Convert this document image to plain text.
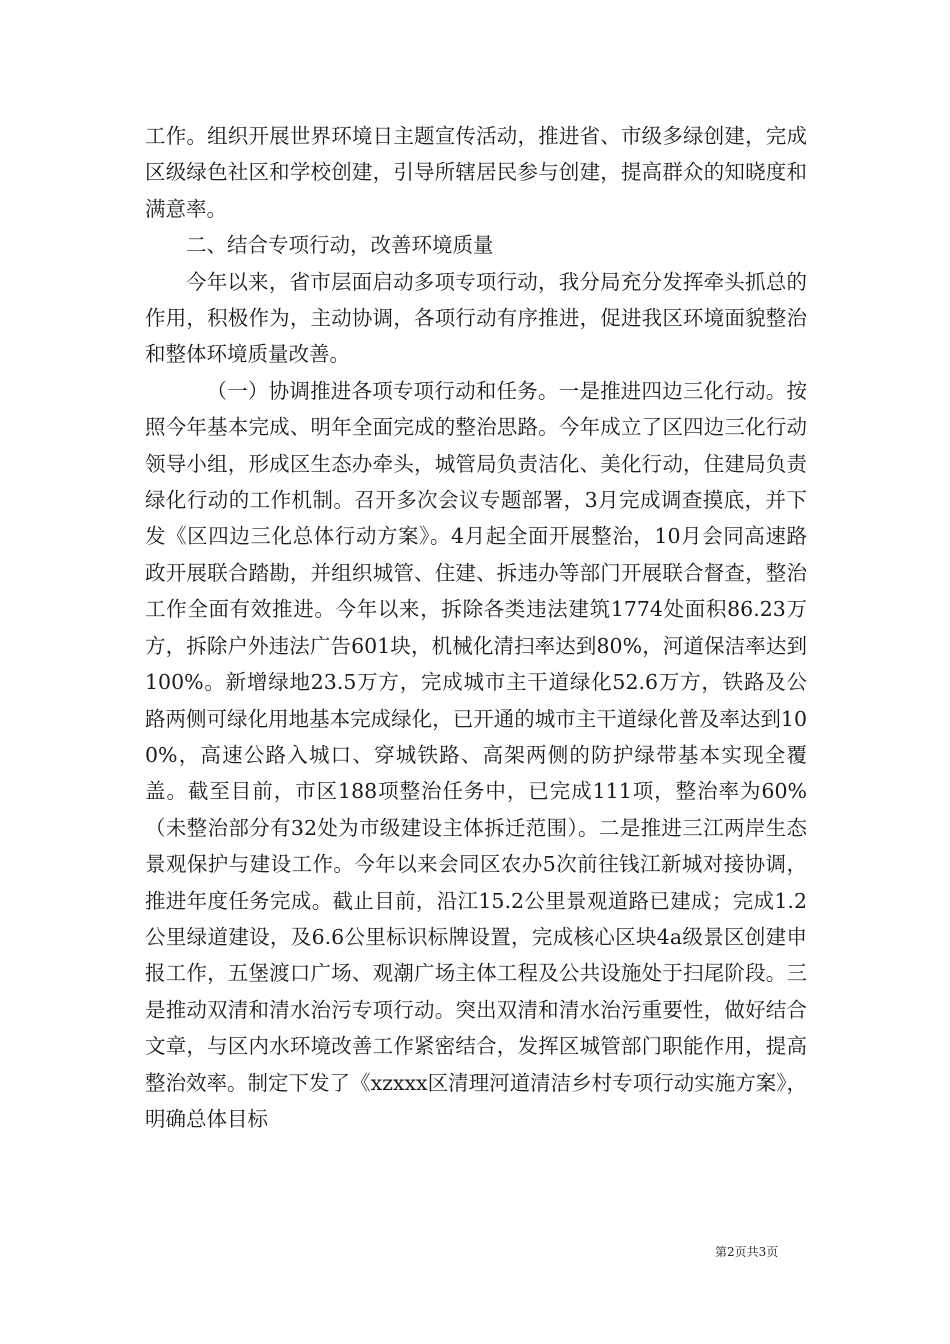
工作。组织开展世界环境日主题宣传活动，推进省、市级多绿创建，完成区级绿色社区和学校创建，引导所辖居民参与创建，提高群众的知晓度和满意率。

二、结合专项行动，改善环境质量

今年以来，省市层面启动多项专项行动，我分局充分发挥牵头抓总的作用，积极作为，主动协调，各项行动有序推进，促进我区环境面貌整治和整体环境质量改善。

（一）协调推进各项专项行动和任务。一是推进四边三化行动。按照今年基本完成、明年全面完成的整治思路。今年成立了区四边三化行动领导小组，形成区生态办牵头，城管局负责洁化、美化行动，住建局负责绿化行动的工作机制。召开多次会议专题部署，3月完成调查摸底，并下发《区四边三化总体行动方案》。4月起全面开展整治，10月会同高速路政开展联合踏勘，并组织城管、住建、拆违办等部门开展联合督查，整治工作全面有效推进。今年以来，拆除各类违法建筑1774处面积86.23万方，拆除户外违法广告601块，机械化清扫率达到80%，河道保洁率达到100%。新增绿地23.5万方，完成城市主干道绿化52.6万方，铁路及公路两侧可绿化用地基本完成绿化，已开通的城市主干道绿化普及率达到100%，高速公路入城口、穿城铁路、高架两侧的防护绿带基本实现全覆盖。截至目前，市区188项整治任务中，已完成111项，整治率为60%（未整治部分有32处为市级建设主体拆迁范围）。二是推进三江两岸生态景观保护与建设工作。今年以来会同区农办5次前往钱江新城对接协调，推进年度任务完成。截止目前，沿江15.2公里景观道路已建成；完成1.2公里绿道建设，及6.6公里标识标牌设置，完成核心区块4a级景区创建申报工作，五堡渡口广场、观潮广场主体工程及公共设施处于扫尾阶段。三是推动双清和清水治污专项行动。突出双清和清水治污重要性，做好结合文章，与区内水环境改善工作紧密结合，发挥区城管部门职能作用，提高整治效率。制定下发了《xzxxx区清理河道清洁乡村专项行动实施方案》，明确总体目标

第2页共3页
